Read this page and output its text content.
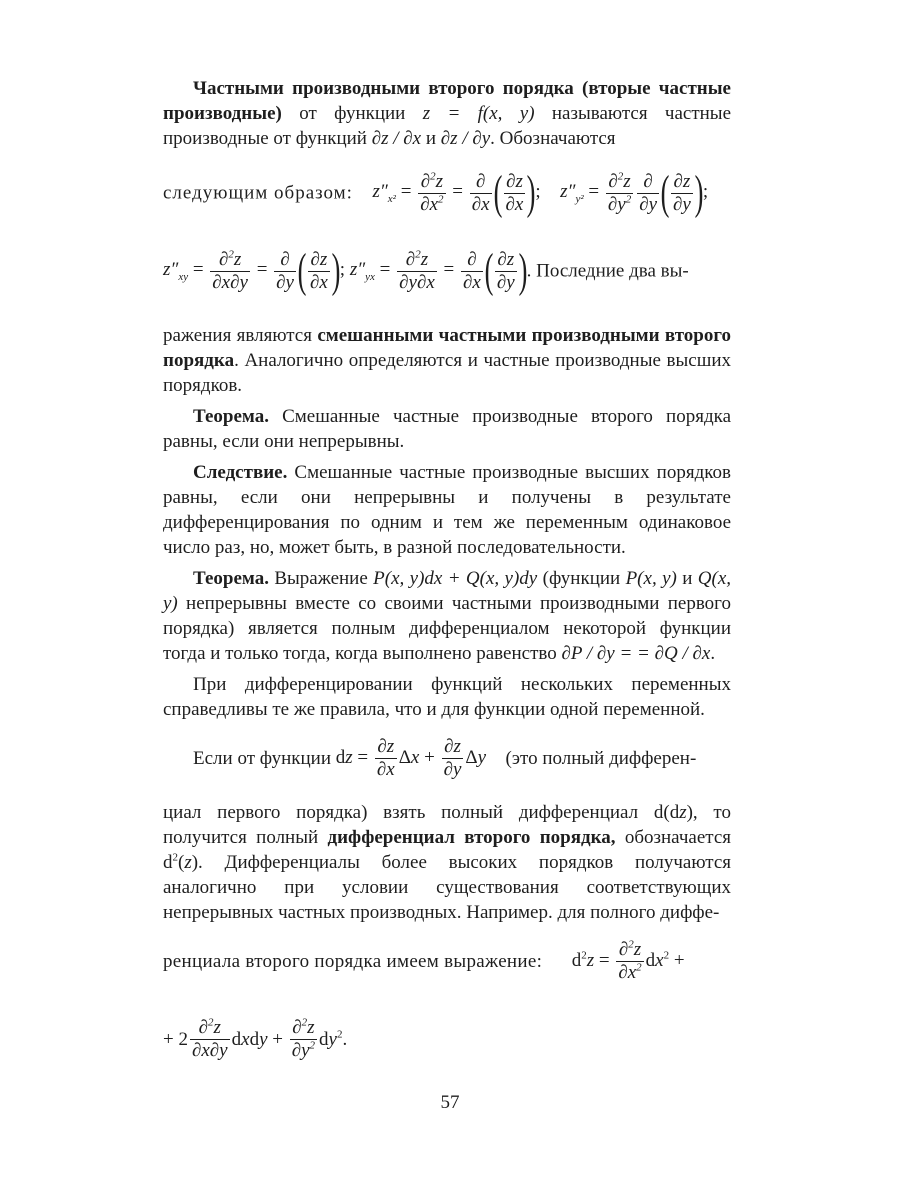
Частными производными второго порядка (вторые частные производные) от функции z = f(x, y) называются частные производные от функций ∂z / ∂x и ∂z / ∂y. Обозначаются

следующим образом: $z''_{x^2} = \frac{\partial^2z}{\partial x^2} = \frac{\partial}{\partial x}$ ( $\frac{\partial z}{\partial x}$ );  $z''_{y^2} = \frac{\partial^2z}{\partial y^2} \frac{\partial}{\partial y}$ ( $\frac{\partial z}{\partial y}$ );
$z''_{xy} = \frac{\partial^2z}{\partial x\partial y} = \frac{\partial}{\partial y}$ ( $\frac{\partial z}{\partial x}$ ); $z''_{yx} = \frac{\partial^2z}{\partial y\partial x} = \frac{\partial}{\partial x}$ ( $\frac{\partial z}{\partial y}$ ). Последние два вы-

ражения являются смешанными частными производными второго порядка. Аналогично определяются и частные производные высших порядков.

Теорема. Смешанные частные производные второго порядка равны, если они непрерывны.

Следствие. Смешанные частные производные высших порядков равны, если они непрерывны и получены в результате дифференцирования по одним и тем же переменным одинаковое число раз, но, может быть, в разной последовательности.

Теорема. Выражение P(x, y)dx + Q(x, y)dy (функции P(x, y) и Q(x, y) непрерывны вместе со своими частными производными первого порядка) является полным дифференциалом некоторой функции тогда и только тогда, когда выполнено равенство ∂P / ∂y = = ∂Q / ∂x.

При дифференцировании функций нескольких переменных справедливы те же правила, что и для функции одной переменной.

Если от функции dz = $\frac{\partial z}{\partial x}$ $\Delta x + \frac{\partial z}{\partial y}$ Δy (это полный дифферен-

циал первого порядка) взять полный дифференциал d(dz), то получится полный дифференциал второго порядка, обозначается $d^2(z)$. Дифференциалы более высоких порядков получаются аналогично при условии существования соответствующих непрерывных частных производных. Например. для полного диффе-

ренциала второго порядка имеем выражение:  $d^2z = \frac{\partial^2z}{\partial x^2} dx^2$ +
+ $2 \frac{\partial^2z}{\partial x\partial y}$ dxdy + $\frac{\partial^2z}{\partial y^2} dy^2$.
57
